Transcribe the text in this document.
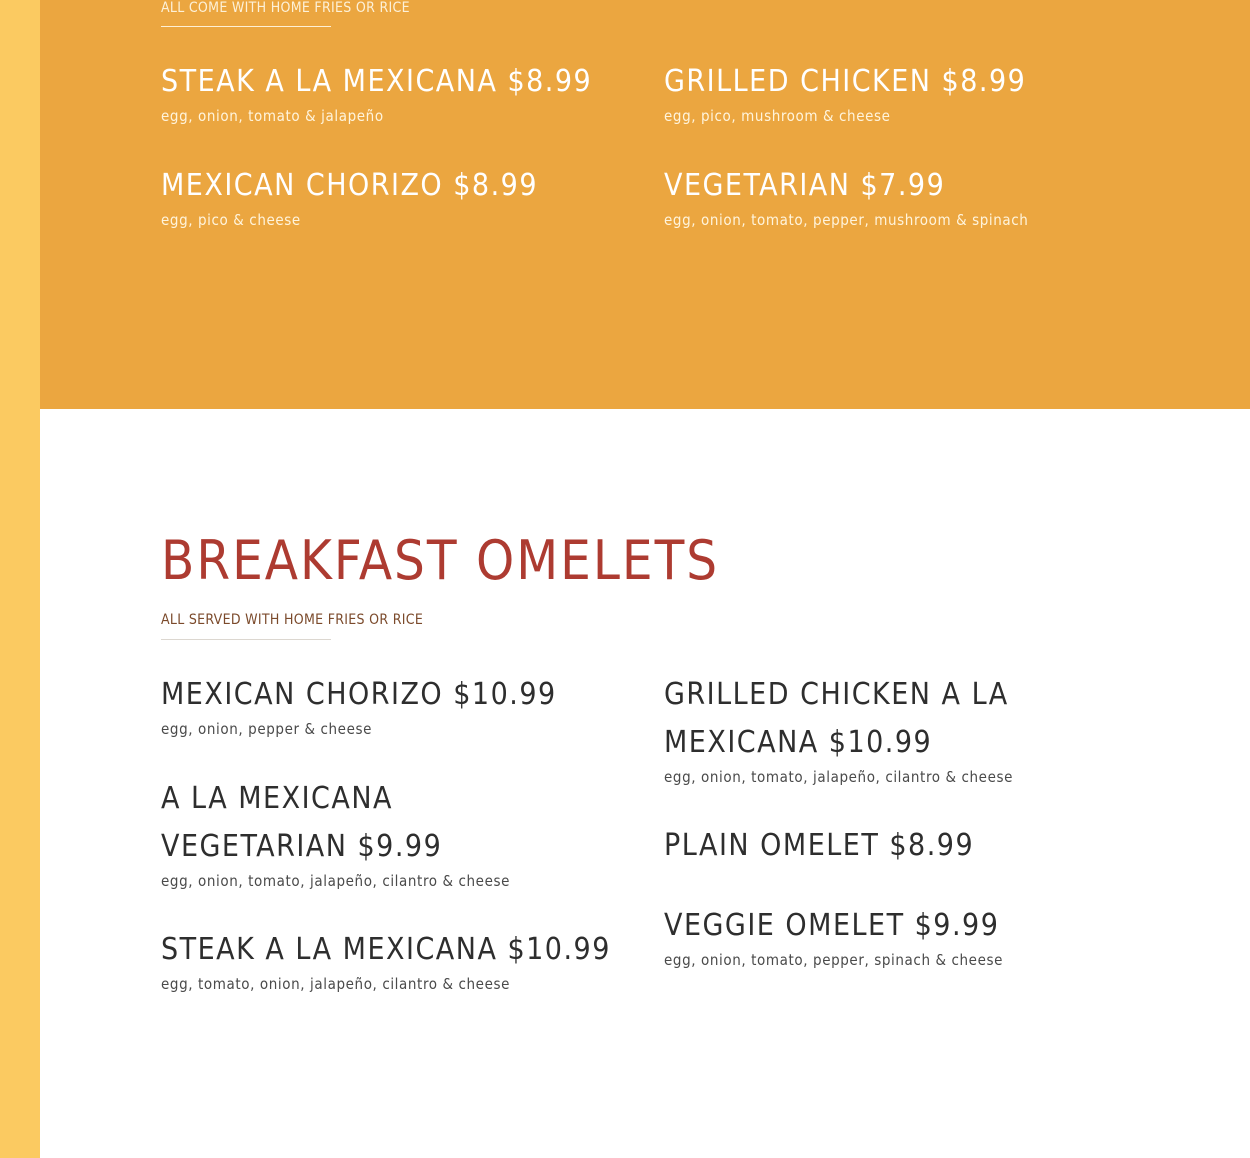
ALL COME WITH HOME FRIES OR RICE
STEAK A LA MEXICANA $8.99
egg, onion, tomato & jalapeño
MEXICAN CHORIZO $8.99
egg, pico & cheese
GRILLED CHICKEN $8.99
egg, pico, mushroom & cheese
VEGETARIAN $7.99
egg, onion, tomato, pepper, mushroom & spinach
BREAKFAST OMELETS
ALL SERVED WITH HOME FRIES OR RICE
MEXICAN CHORIZO $10.99
egg, onion, pepper & cheese
A LA MEXICANA VEGETARIAN $9.99
egg, onion, tomato, jalapeño, cilantro & cheese
STEAK A LA MEXICANA $10.99
egg, tomato, onion, jalapeño, cilantro & cheese
GRILLED CHICKEN A LA MEXICANA $10.99
egg, onion, tomato, jalapeño, cilantro & cheese
PLAIN OMELET $8.99
VEGGIE OMELET $9.99
egg, onion, tomato, pepper, spinach & cheese
